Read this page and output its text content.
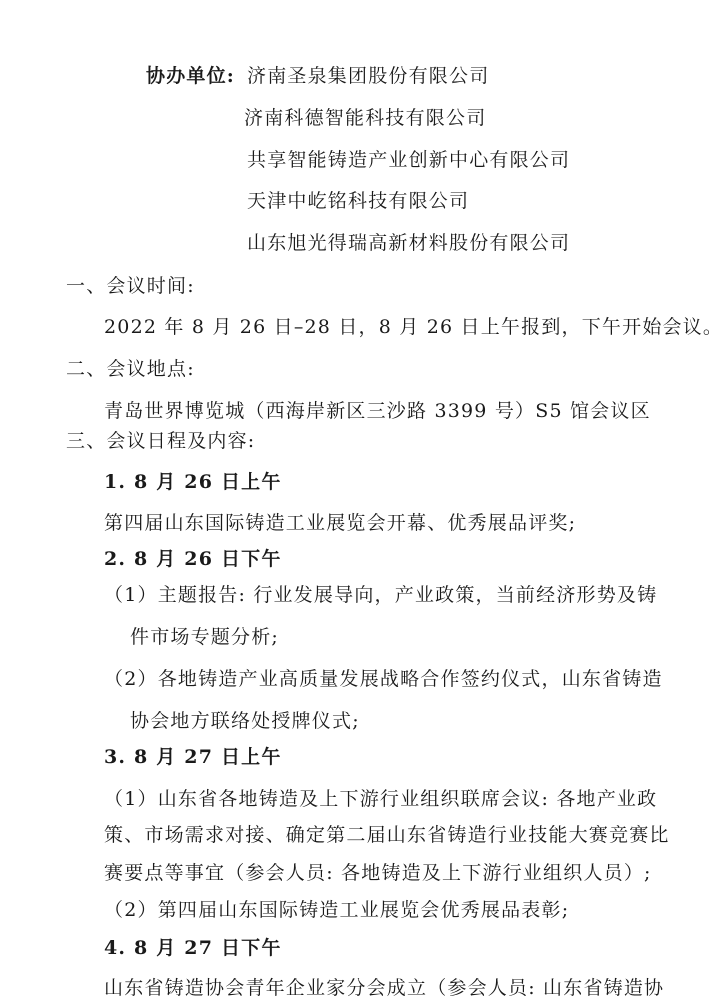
协办单位: 济南圣泉集团股份有限公司
济南科德智能科技有限公司
共享智能铸造产业创新中心有限公司
天津中屹铭科技有限公司
山东旭光得瑞高新材料股份有限公司
一、会议时间:
2022 年 8 月 26 日–28 日，8 月 26 日上午报到，下午开始会议。
二、会议地点:
青岛世界博览城（西海岸新区三沙路 3399 号）S5 馆会议区
三、会议日程及内容:
1. 8 月 26 日上午
第四届山东国际铸造工业展览会开幕、优秀展品评奖;
2. 8 月 26 日下午
（1）主题报告: 行业发展导向，产业政策，当前经济形势及铸
件市场专题分析;
（2）各地铸造产业高质量发展战略合作签约仪式，山东省铸造
协会地方联络处授牌仪式;
3. 8 月 27 日上午
（1）山东省各地铸造及上下游行业组织联席会议: 各地产业政
策、市场需求对接、确定第二届山东省铸造行业技能大赛竞赛比
赛要点等事宜（参会人员: 各地铸造及上下游行业组织人员）;
（2）第四届山东国际铸造工业展览会优秀展品表彰;
4. 8 月 27 日下午
山东省铸造协会青年企业家分会成立（参会人员: 山东省铸造协
